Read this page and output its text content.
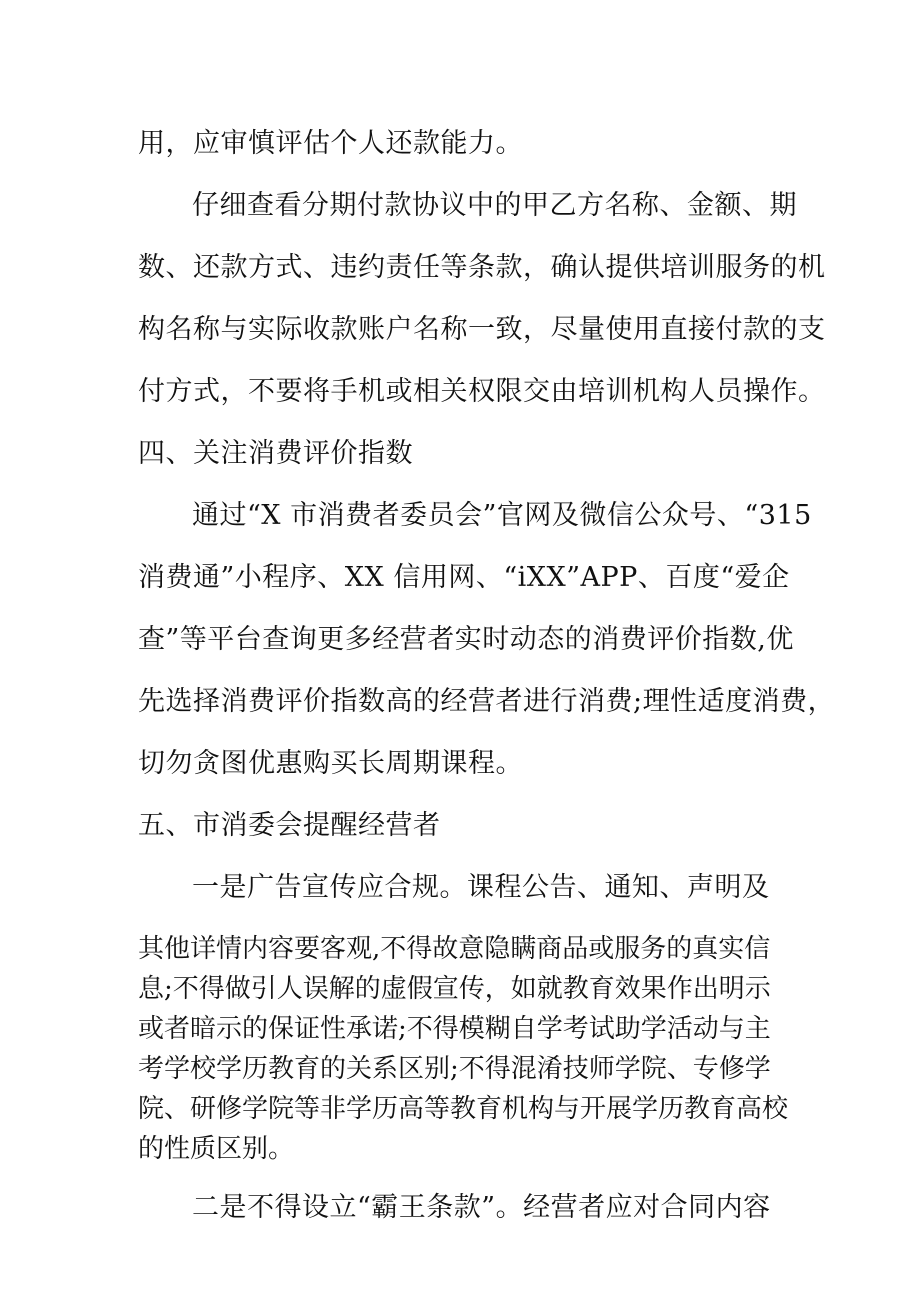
用，应审慎评估个人还款能力。
仔细查看分期付款协议中的甲乙方名称、金额、期
数、还款方式、违约责任等条款，确认提供培训服务的机
构名称与实际收款账户名称一致，尽量使用直接付款的支
付方式，不要将手机或相关权限交由培训机构人员操作。
四、关注消费评价指数
通过“X 市消费者委员会”官网及微信公众号、“315
消费通”小程序、XX 信用网、“iXX”APP、百度“爱企
查”等平台查询更多经营者实时动态的消费评价指数,优
先选择消费评价指数高的经营者进行消费;理性适度消费，
切勿贪图优惠购买长周期课程。
五、市消委会提醒经营者
一是广告宣传应合规。课程公告、通知、声明及
其他详情内容要客观,不得故意隐瞒商品或服务的真实信
息;不得做引人误解的虚假宣传，如就教育效果作出明示
或者暗示的保证性承诺;不得模糊自学考试助学活动与主
考学校学历教育的关系区别;不得混淆技师学院、专修学
院、研修学院等非学历高等教育机构与开展学历教育高校
的性质区别。
二是不得设立“霸王条款”。经营者应对合同内容
